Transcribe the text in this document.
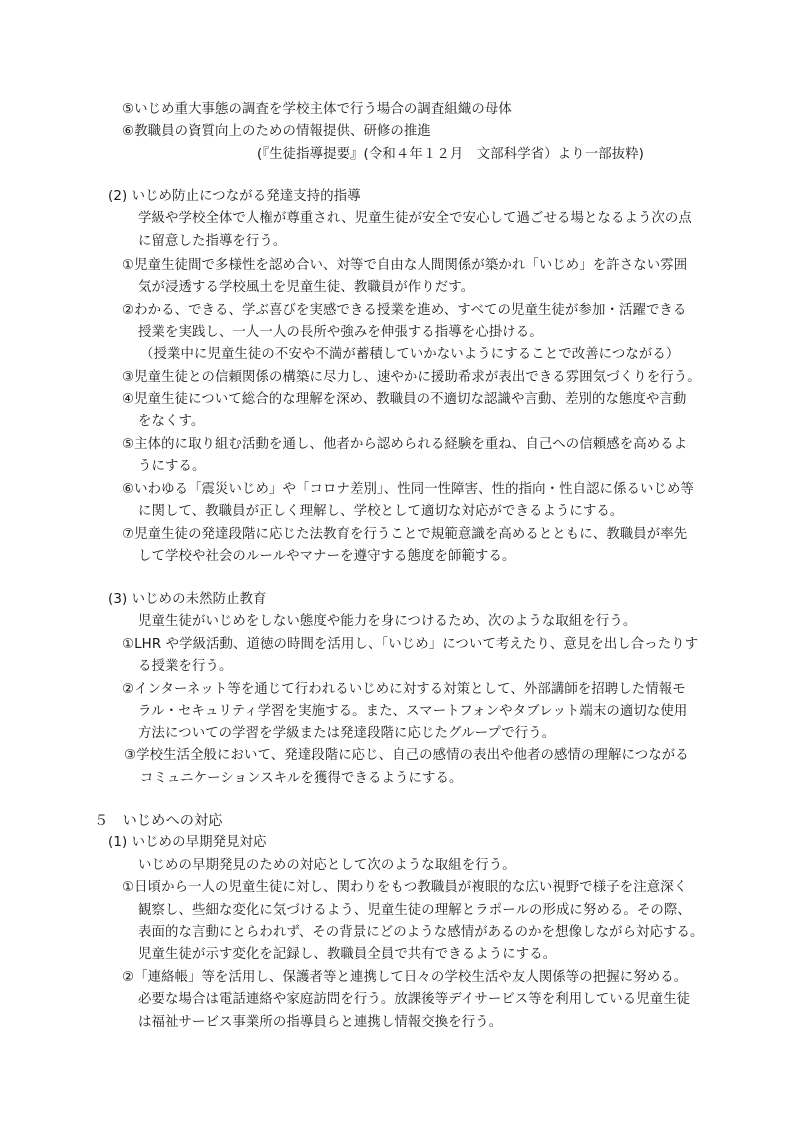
⑤いじめ重大事態の調査を学校主体で行う場合の調査組織の母体
⑥教職員の資質向上のための情報提供、研修の推進
(『生徒指導提要』(令和４年１２月　文部科学省）より一部抜粋)
(2) いじめ防止につながる発達支持的指導
学級や学校全体で人権が尊重され、児童生徒が安全で安心して過ごせる場となるよう次の点
に留意した指導を行う。
①児童生徒間で多様性を認め合い、対等で自由な人間関係が築かれ「いじめ」を許さない雰囲
気が浸透する学校風土を児童生徒、教職員が作りだす。
②わかる、できる、学ぶ喜びを実感できる授業を進め、すべての児童生徒が参加・活躍できる
授業を実践し、一人一人の長所や強みを伸張する指導を心掛ける。
（授業中に児童生徒の不安や不満が蓄積していかないようにすることで改善につながる）
③児童生徒との信頼関係の構築に尽力し、速やかに援助希求が表出できる雰囲気づくりを行う。
④児童生徒について総合的な理解を深め、教職員の不適切な認識や言動、差別的な態度や言動
をなくす。
⑤主体的に取り組む活動を通し、他者から認められる経験を重ね、自己への信頼感を高めるよ
うにする。
⑥いわゆる「震災いじめ」や「コロナ差別」、性同一性障害、性的指向・性自認に係るいじめ等
に関して、教職員が正しく理解し、学校として適切な対応ができるようにする。
⑦児童生徒の発達段階に応じた法教育を行うことで規範意識を高めるとともに、教職員が率先
して学校や社会のルールやマナーを遵守する態度を師範する。
(3) いじめの未然防止教育
児童生徒がいじめをしない態度や能力を身につけるため、次のような取組を行う。
①LHR や学級活動、道徳の時間を活用し、「いじめ」について考えたり、意見を出し合ったりす
る授業を行う。
②インターネット等を通じて行われるいじめに対する対策として、外部講師を招聘した情報モ
ラル・セキュリティ学習を実施する。また、スマートフォンやタブレット端末の適切な使用
方法についての学習を学級または発達段階に応じたグループで行う。
③学校生活全般において、発達段階に応じ、自己の感情の表出や他者の感情の理解につながる
コミュニケーションスキルを獲得できるようにする。
５　いじめへの対応
(1) いじめの早期発見対応
いじめの早期発見のための対応として次のような取組を行う。
①日頃から一人の児童生徒に対し、関わりをもつ教職員が複眼的な広い視野で様子を注意深く
観察し、些細な変化に気づけるよう、児童生徒の理解とラポールの形成に努める。その際、
表面的な言動にとらわれず、その背景にどのような感情があるのかを想像しながら対応する。
児童生徒が示す変化を記録し、教職員全員で共有できるようにする。
②「連絡帳」等を活用し、保護者等と連携して日々の学校生活や友人関係等の把握に努める。
必要な場合は電話連絡や家庭訪問を行う。放課後等デイサービス等を利用している児童生徒
は福祉サービス事業所の指導員らと連携し情報交換を行う。
